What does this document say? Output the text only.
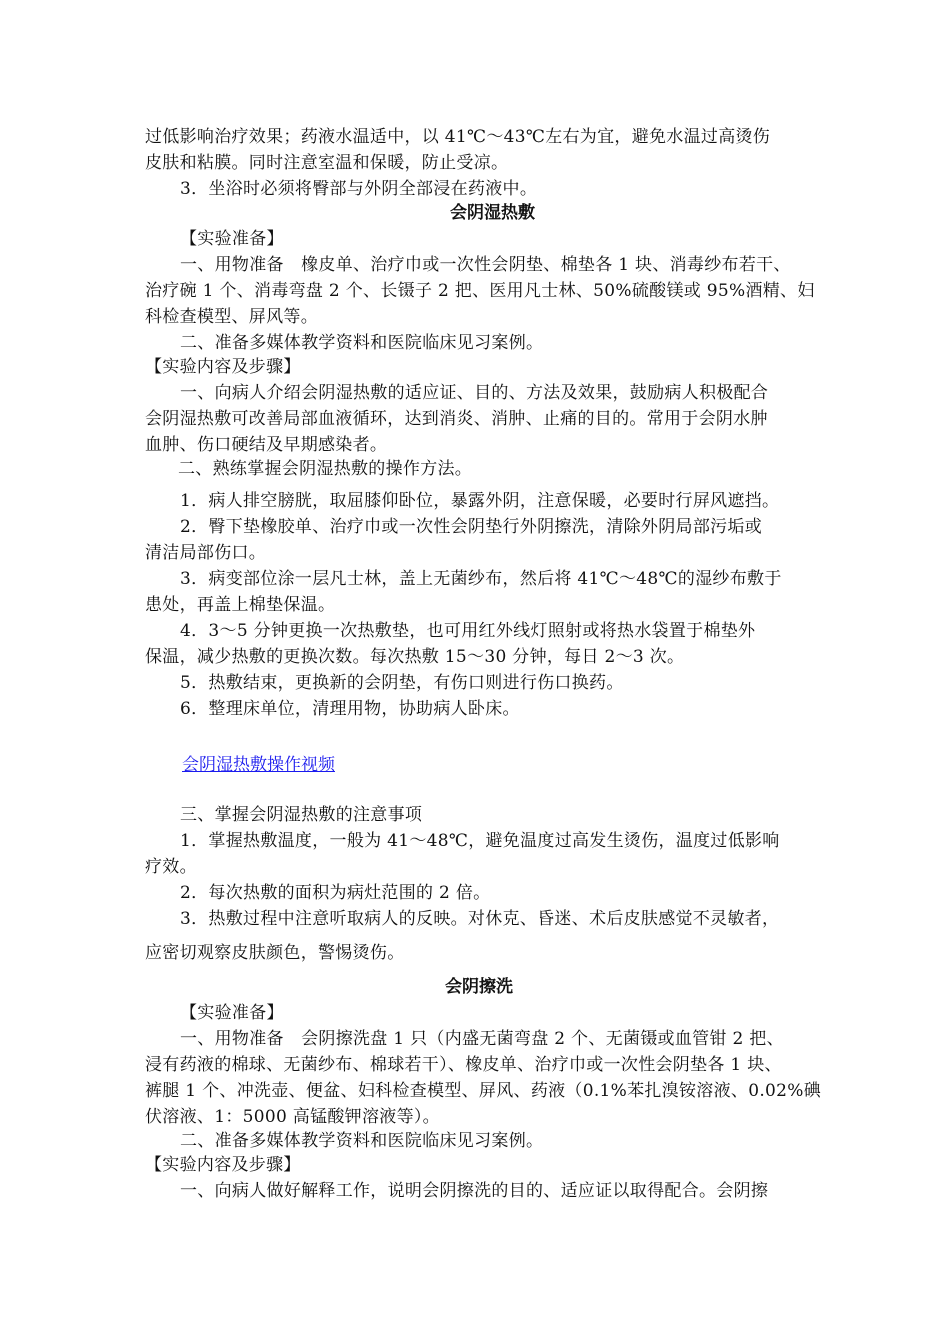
过低影响治疗效果；药液水温适中，以 41℃～43℃左右为宜，避免水温过高烫伤
皮肤和粘膜。同时注意室温和保暖，防止受凉。
3．坐浴时必须将臀部与外阴全部浸在药液中。
会阴湿热敷
【实验准备】
一、用物准备　橡皮单、治疗巾或一次性会阴垫、棉垫各 1 块、消毒纱布若干、
治疗碗 1 个、消毒弯盘 2 个、长镊子 2 把、医用凡士林、50%硫酸镁或 95%酒精、妇
科检查模型、屏风等。
二、准备多媒体教学资料和医院临床见习案例。
【实验内容及步骤】
一、向病人介绍会阴湿热敷的适应证、目的、方法及效果，鼓励病人积极配合
会阴湿热敷可改善局部血液循环，达到消炎、消肿、止痛的目的。常用于会阴水肿
血肿、伤口硬结及早期感染者。
二、熟练掌握会阴湿热敷的操作方法。
1．病人排空膀胱，取屈膝仰卧位，暴露外阴，注意保暖，必要时行屏风遮挡。
2．臀下垫橡胶单、治疗巾或一次性会阴垫行外阴擦洗，清除外阴局部污垢或
清洁局部伤口。
3．病变部位涂一层凡士林，盖上无菌纱布，然后将 41℃～48℃的湿纱布敷于
患处，再盖上棉垫保温。
4．3～5 分钟更换一次热敷垫，也可用红外线灯照射或将热水袋置于棉垫外
保温，减少热敷的更换次数。每次热敷 15～30 分钟，每日 2～3 次。
5．热敷结束，更换新的会阴垫，有伤口则进行伤口换药。
6．整理床单位，清理用物，协助病人卧床。
会阴湿热敷操作视频
三、掌握会阴湿热敷的注意事项
1．掌握热敷温度，一般为 41～48℃，避免温度过高发生烫伤，温度过低影响
疗效。
2．每次热敷的面积为病灶范围的 2 倍。
3．热敷过程中注意听取病人的反映。对休克、昏迷、术后皮肤感觉不灵敏者，
应密切观察皮肤颜色，警惕烫伤。
会阴擦洗
【实验准备】
一、用物准备　会阴擦洗盘 1 只（内盛无菌弯盘 2 个、无菌镊或血管钳 2 把、
浸有药液的棉球、无菌纱布、棉球若干）、橡皮单、治疗巾或一次性会阴垫各 1 块、
裤腿 1 个、冲洗壶、便盆、妇科检查模型、屏风、药液（0.1%苯扎溴铵溶液、0.02%碘
伏溶液、1：5000 高锰酸钾溶液等）。
二、准备多媒体教学资料和医院临床见习案例。
【实验内容及步骤】
一、向病人做好解释工作，说明会阴擦洗的目的、适应证以取得配合。会阴擦
